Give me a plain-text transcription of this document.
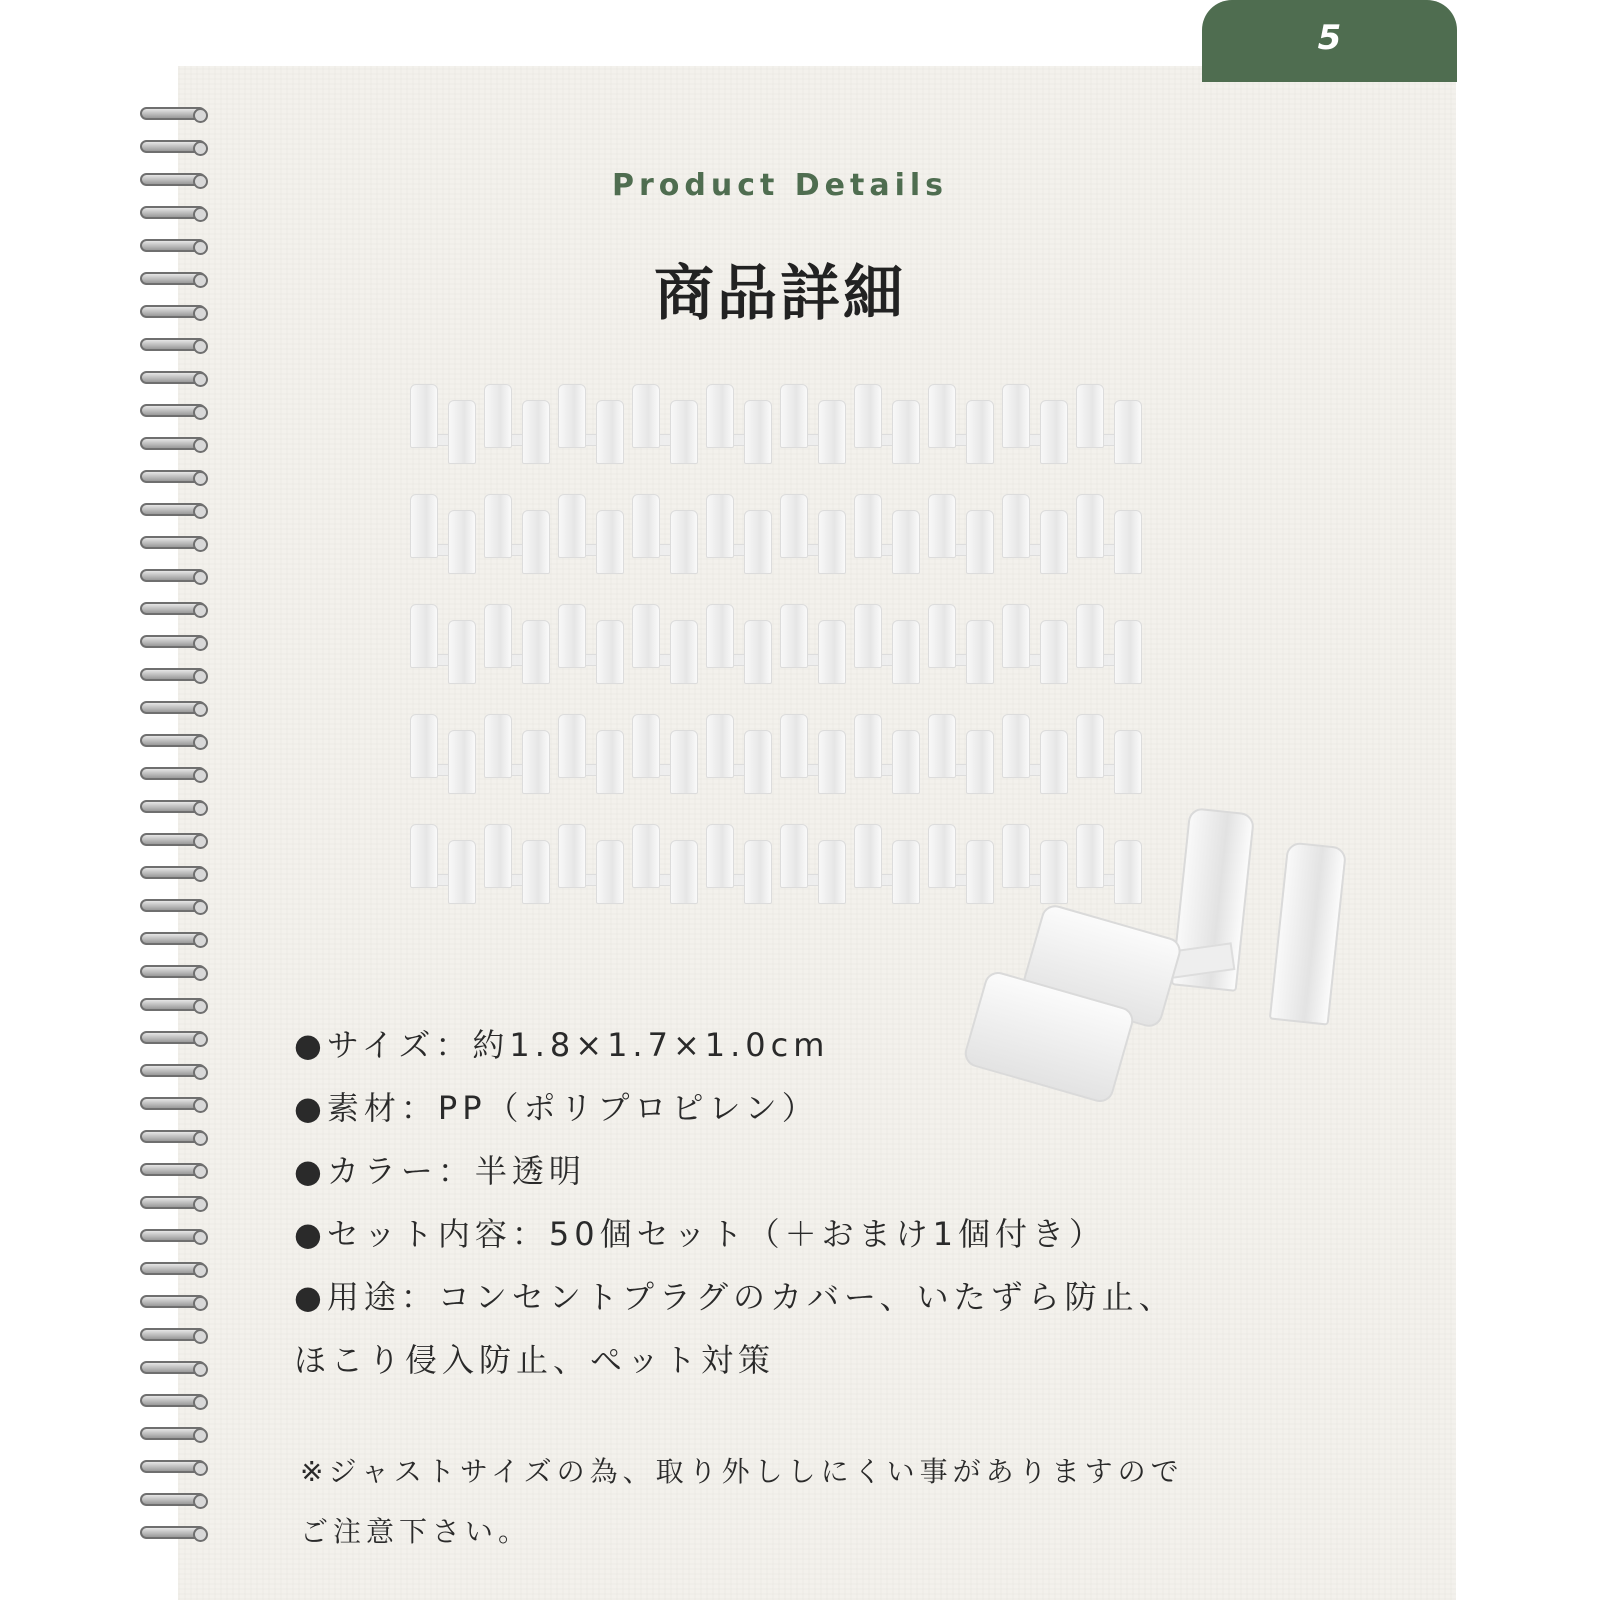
5
Product Details
商品詳細
●サイズ：約1.8×1.7×1.0cm
●素材：PP（ポリプロピレン）
●カラー：半透明
●セット内容：50個セット（＋おまけ1個付き）
●用途：コンセントプラグのカバー、いたずら防止、
ほこり侵入防止、ペット対策
※ジャストサイズの為、取り外ししにくい事がありますので
ご注意下さい。
